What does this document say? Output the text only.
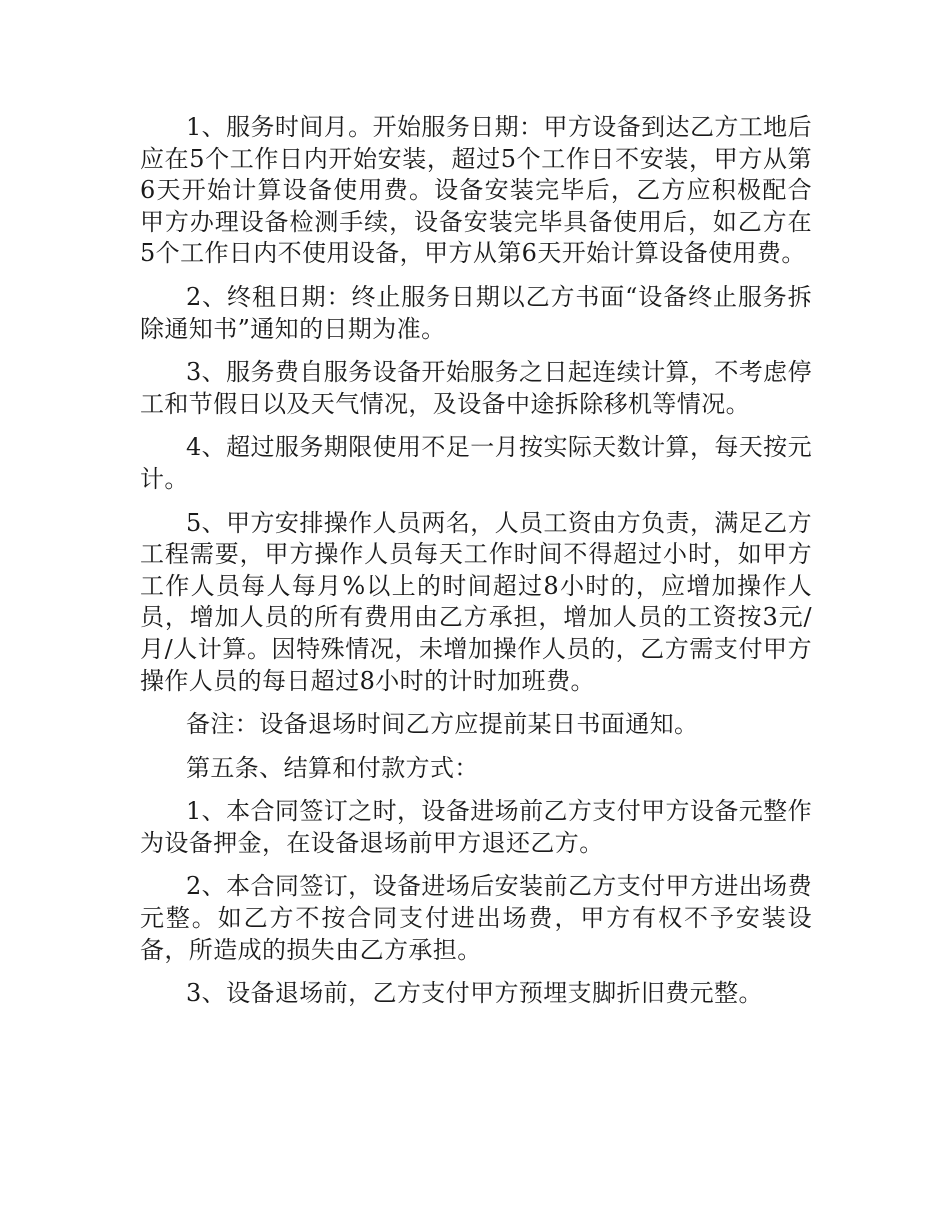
1、服务时间月。开始服务日期：甲方设备到达乙方工地后应在5个工作日内开始安装，超过5个工作日不安装，甲方从第6天开始计算设备使用费。设备安装完毕后，乙方应积极配合甲方办理设备检测手续，设备安装完毕具备使用后，如乙方在5个工作日内不使用设备，甲方从第6天开始计算设备使用费。

2、终租日期：终止服务日期以乙方书面“设备终止服务拆除通知书”通知的日期为准。

3、服务费自服务设备开始服务之日起连续计算，不考虑停工和节假日以及天气情况，及设备中途拆除移机等情况。

4、超过服务期限使用不足一月按实际天数计算，每天按元计。

5、甲方安排操作人员两名，人员工资由方负责，满足乙方工程需要，甲方操作人员每天工作时间不得超过小时，如甲方工作人员每人每月%以上的时间超过8小时的，应增加操作人员，增加人员的所有费用由乙方承担，增加人员的工资按3元/月/人计算。因特殊情况，未增加操作人员的，乙方需支付甲方操作人员的每日超过8小时的计时加班费。

备注：设备退场时间乙方应提前某日书面通知。

第五条、结算和付款方式：

1、本合同签订之时，设备进场前乙方支付甲方设备元整作为设备押金，在设备退场前甲方退还乙方。

2、本合同签订，设备进场后安装前乙方支付甲方进出场费元整。如乙方不按合同支付进出场费，甲方有权不予安装设备，所造成的损失由乙方承担。

3、设备退场前，乙方支付甲方预埋支脚折旧费元整。
